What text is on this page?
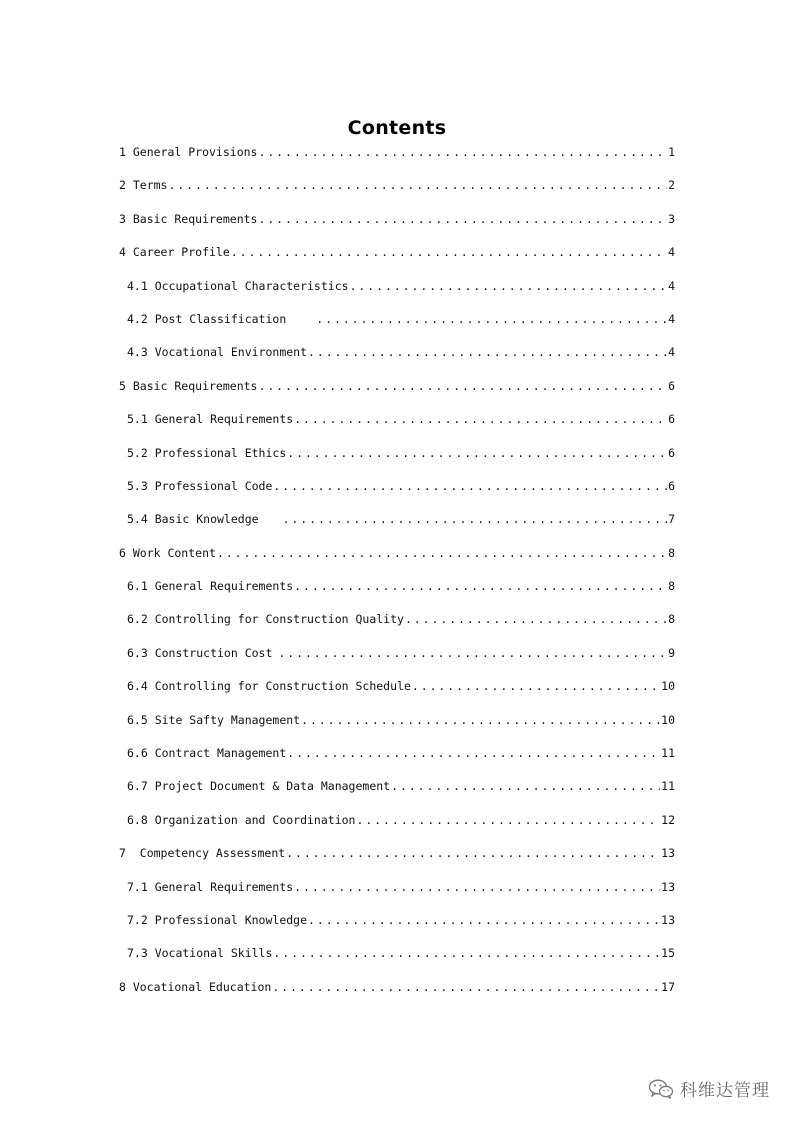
Contents
1 General Provisions . . .	1
2 Terms . . .	2
3 Basic Requirements . . .	3
4 Career Profile . . .	4
4.1 Occupational Characteristics . . .	4
4.2 Post Classification . . .	4
4.3 Vocational Environment . . .	4
5 Basic Requirements . . .	6
5.1 General Requirements . . .	6
5.2 Professional Ethics . . .	6
5.3 Professional Code . . .	6
5.4 Basic Knowledge . . .	7
6 Work Content . . .	8
6.1 General Requirements . . .	8
6.2 Controlling for Construction Quality . . .	8
6.3 Construction Cost . . .	9
6.4 Controlling for Construction Schedule . . .	10
6.5 Site Safty Management . . .	10
6.6 Contract Management . . .	11
6.7 Project Document & Data Management . . .	11
6.8 Organization and Coordination . . .	12
7  Competency Assessment . . .	13
7.1 General Requirements . . .	13
7.2 Professional Knowledge . . .	13
7.3 Vocational Skills . . .	15
8 Vocational Education . . .	17
科维达管理
